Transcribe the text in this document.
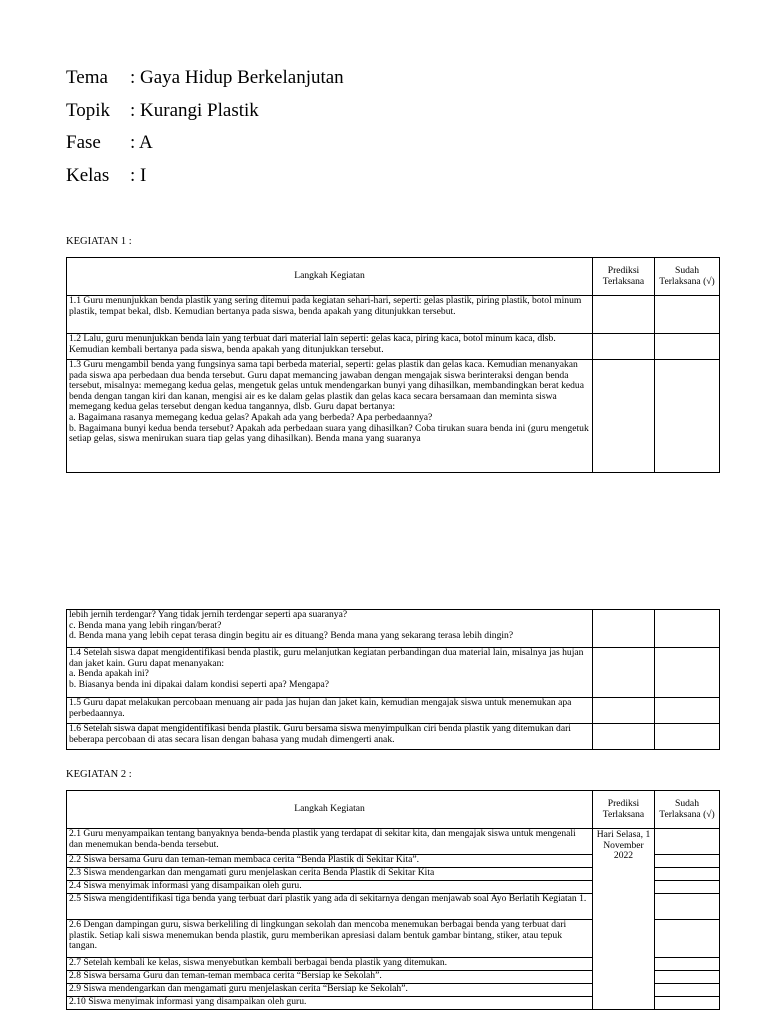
Tema	: Gaya Hidup Berkelanjutan
Topik	: Kurangi Plastik
Fase	: A
Kelas	: I
KEGIATAN 1 :
Langkah Kegiatan	Prediksi Terlaksana	Sudah Terlaksana (√)
1.1 Guru menunjukkan benda plastik yang sering ditemui pada kegiatan sehari-hari, seperti: gelas plastik, piring plastik, botol minum plastik, tempat bekal, dlsb. Kemudian bertanya pada siswa, benda apakah yang ditunjukkan tersebut.		
1.2 Lalu, guru menunjukkan benda lain yang terbuat dari material lain seperti: gelas kaca, piring kaca, botol minum kaca, dlsb. Kemudian kembali bertanya pada siswa, benda apakah yang ditunjukkan tersebut.		
1.3 Guru mengambil benda yang fungsinya sama tapi berbeda material, seperti: gelas plastik dan gelas kaca. Kemudian menanyakan pada siswa apa perbedaan dua benda tersebut. Guru dapat memancing jawaban dengan mengajak siswa berinteraksi dengan benda tersebut, misalnya: memegang kedua gelas, mengetuk gelas untuk mendengarkan bunyi yang dihasilkan, membandingkan berat kedua benda dengan tangan kiri dan kanan, mengisi air es ke dalam gelas plastik dan gelas kaca secara bersamaan dan meminta siswa memegang kedua gelas tersebut dengan kedua tangannya, dlsb. Guru dapat bertanya:
a. Bagaimana rasanya memegang kedua gelas? Apakah ada yang berbeda? Apa perbedaannya?
b. Bagaimana bunyi kedua benda tersebut? Apakah ada perbedaan suara yang dihasilkan? Coba tirukan suara benda ini (guru mengetuk setiap gelas, siswa menirukan suara tiap gelas yang dihasilkan). Benda mana yang suaranya		
lebih jernih terdengar? Yang tidak jernih terdengar seperti apa suaranya?
c. Benda mana yang lebih ringan/berat?
d. Benda mana yang lebih cepat terasa dingin begitu air es dituang? Benda mana yang sekarang terasa lebih dingin?		
1.4 Setelah siswa dapat mengidentifikasi benda plastik, guru melanjutkan kegiatan perbandingan dua material lain, misalnya jas hujan dan jaket kain. Guru dapat menanyakan:
a. Benda apakah ini?
b. Biasanya benda ini dipakai dalam kondisi seperti apa? Mengapa?		
1.5 Guru dapat melakukan percobaan menuang air pada jas hujan dan jaket kain, kemudian mengajak siswa untuk menemukan apa perbedaannya.		
1.6 Setelah siswa dapat mengidentifikasi benda plastik. Guru bersama siswa menyimpulkan ciri benda plastik yang ditemukan dari beberapa percobaan di atas secara lisan dengan bahasa yang mudah dimengerti anak.		
KEGIATAN 2 :
Langkah Kegiatan	Prediksi Terlaksana	Sudah Terlaksana (√)
2.1 Guru menyampaikan tentang banyaknya benda-benda plastik yang terdapat di sekitar kita, dan mengajak siswa untuk mengenali dan menemukan benda-benda tersebut.	Hari Selasa, 1 November 2022	
2.2 Siswa bersama Guru dan teman-teman membaca cerita “Benda Plastik di Sekitar Kita”.		
2.3 Siswa mendengarkan dan mengamati guru menjelaskan cerita Benda Plastik di Sekitar Kita		
2.4 Siswa menyimak informasi yang disampaikan oleh guru.		
2.5 Siswa mengidentifikasi tiga benda yang terbuat dari plastik yang ada di sekitarnya dengan menjawab soal Ayo Berlatih Kegiatan 1.		
2.6 Dengan dampingan guru, siswa berkeliling di lingkungan sekolah dan mencoba menemukan berbagai benda yang terbuat dari plastik. Setiap kali siswa menemukan benda plastik, guru memberikan apresiasi dalam bentuk gambar bintang, stiker, atau tepuk tangan.		
2.7 Setelah kembali ke kelas, siswa menyebutkan kembali berbagai benda plastik yang ditemukan.		
2.8 Siswa bersama Guru dan teman-teman membaca cerita “Bersiap ke Sekolah”.		
2.9 Siswa mendengarkan dan mengamati guru menjelaskan cerita “Bersiap ke Sekolah”.		
2.10 Siswa menyimak informasi yang disampaikan oleh guru.		
